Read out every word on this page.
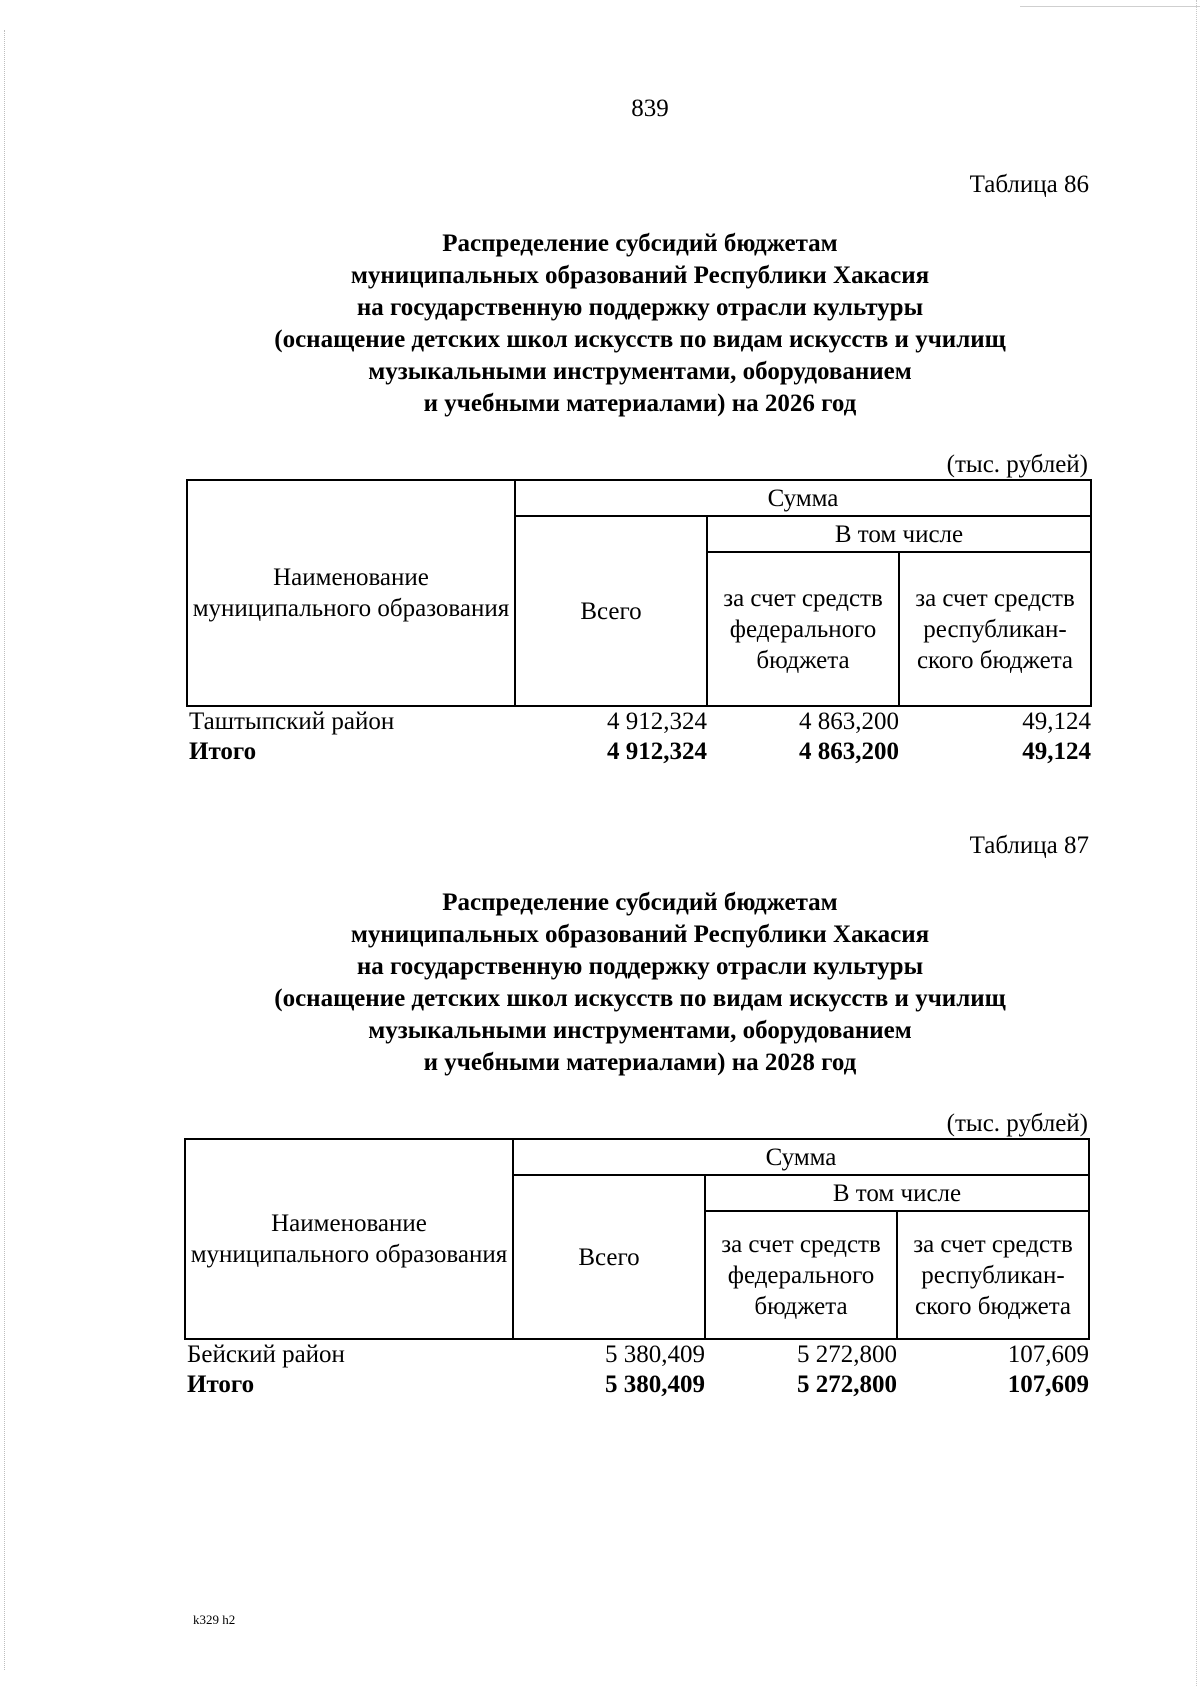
839
Таблица 86
Распределение субсидий бюджетам
муниципальных образований Республики Хакасия
на государственную поддержку отрасли культуры
(оснащение детских школ искусств по видам искусств и училищ
музыкальными инструментами, оборудованием
и учебными материалами) на 2026 год
(тыс. рублей)
Наименование муниципального образования	Сумма		
	Всего	В том числе	
		за счет средств федерального бюджета	за счет средств республикан- ского бюджета
Таштыпский район	4 912,324	4 863,200	49,124
Итого	4 912,324	4 863,200	49,124
Таблица 87
Распределение субсидий бюджетам
муниципальных образований Республики Хакасия
на государственную поддержку отрасли культуры
(оснащение детских школ искусств по видам искусств и училищ
музыкальными инструментами, оборудованием
и учебными материалами) на 2028 год
(тыс. рублей)
Наименование муниципального образования	Сумма		
	Всего	В том числе	
		за счет средств федерального бюджета	за счет средств республикан- ского бюджета
Бейский район	5 380,409	5 272,800	107,609
Итого	5 380,409	5 272,800	107,609
k329 h2
